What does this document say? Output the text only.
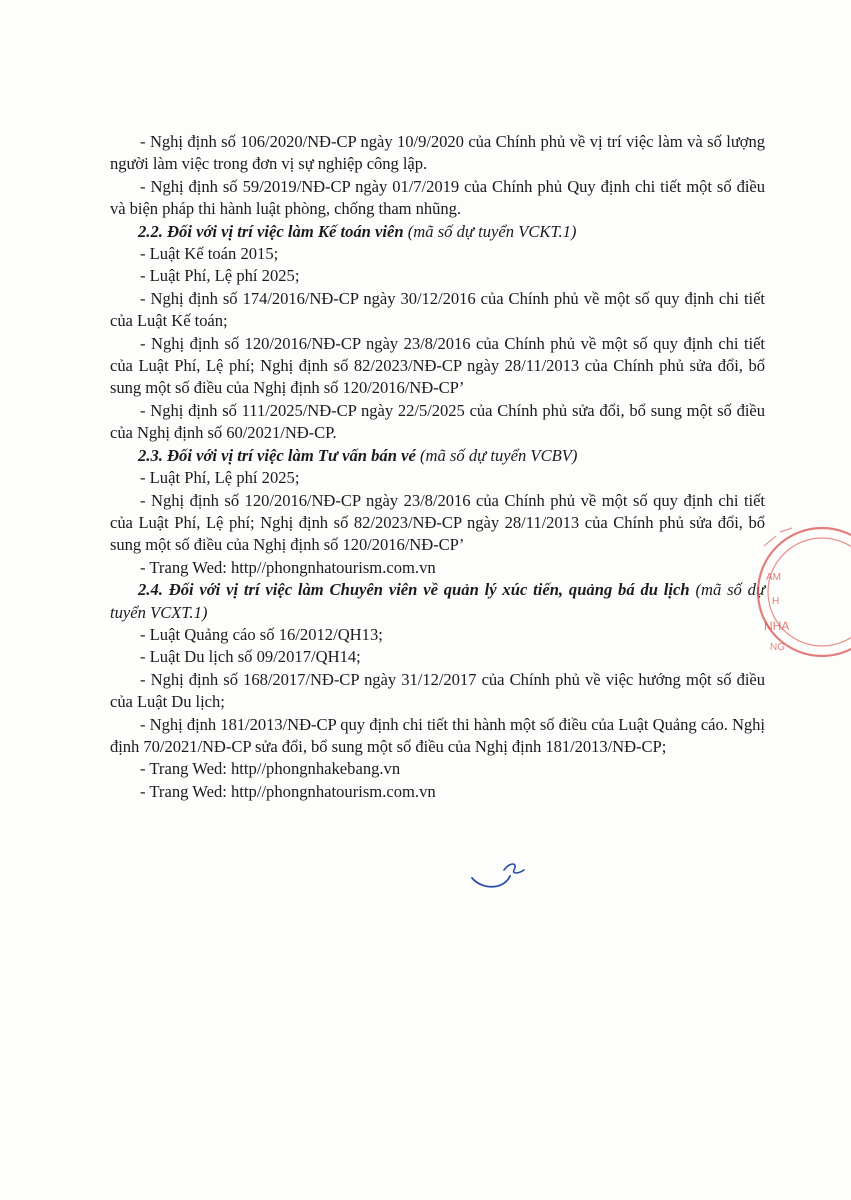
- Nghị định số 106/2020/NĐ-CP ngày 10/9/2020 của Chính phủ về vị trí việc làm và số lượng người làm việc trong đơn vị sự nghiệp công lập.

- Nghị định số 59/2019/NĐ-CP ngày 01/7/2019 của Chính phủ Quy định chi tiết một số điều và biện pháp thi hành luật phòng, chống tham nhũng.

2.2. Đối với vị trí việc làm Kế toán viên (mã số dự tuyển VCKT.1)

- Luật Kế toán 2015;

- Luật Phí, Lệ phí 2025;

- Nghị định số 174/2016/NĐ-CP ngày 30/12/2016 của Chính phủ về một số quy định chi tiết của Luật Kế toán;

- Nghị định số 120/2016/NĐ-CP ngày 23/8/2016 của Chính phủ về một số quy định chi tiết của Luật Phí, Lệ phí; Nghị định số 82/2023/NĐ-CP ngày 28/11/2013 của Chính phủ sửa đổi, bổ sung một số điều của Nghị định số 120/2016/NĐ-CP’

- Nghị định số 111/2025/NĐ-CP ngày 22/5/2025 của Chính phủ sửa đổi, bổ sung một số điều của Nghị định số 60/2021/NĐ-CP.

2.3. Đối với vị trí việc làm Tư vấn bán vé (mã số dự tuyển VCBV)

- Luật Phí, Lệ phí 2025;

- Nghị định số 120/2016/NĐ-CP ngày 23/8/2016 của Chính phủ về một số quy định chi tiết của Luật Phí, Lệ phí; Nghị định số 82/2023/NĐ-CP ngày 28/11/2013 của Chính phủ sửa đổi, bổ sung một số điều của Nghị định số 120/2016/NĐ-CP’

- Trang Wed: http//phongnhatourism.com.vn

2.4. Đối với vị trí việc làm Chuyên viên về quản lý xúc tiến, quảng bá du lịch (mã số dự tuyển VCXT.1)

- Luật Quảng cáo số 16/2012/QH13;

- Luật Du lịch số 09/2017/QH14;

- Nghị định số 168/2017/NĐ-CP ngày 31/12/2017 của Chính phủ về việc hướng một số điều của Luật Du lịch;

- Nghị định 181/2013/NĐ-CP quy định chi tiết thi hành một số điều của Luật Quảng cáo. Nghị định 70/2021/NĐ-CP sửa đổi, bổ sung một số điều của Nghị định 181/2013/NĐ-CP;

- Trang Wed: http//phongnhakebang.vn

- Trang Wed: http//phongnhatourism.com.vn

AM
H
NHA
NG
